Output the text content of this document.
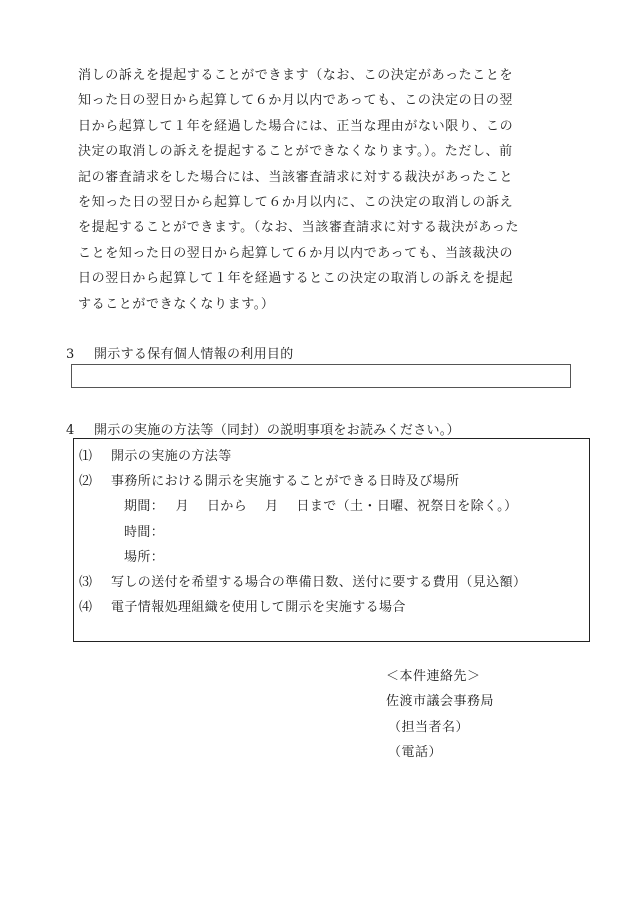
消しの訴えを提起することができます（なお、この決定があったことを
知った日の翌日から起算して６か月以内であっても、この決定の日の翌
日から起算して１年を経過した場合には、正当な理由がない限り、この
決定の取消しの訴えを提起することができなくなります。）。ただし、前
記の審査請求をした場合には、当該審査請求に対する裁決があったこと
を知った日の翌日から起算して６か月以内に、この決定の取消しの訴え
を提起することができます。（なお、当該審査請求に対する裁決があった
ことを知った日の翌日から起算して６か月以内であっても、当該裁決の
日の翌日から起算して１年を経過するとこの決定の取消しの訴えを提起
することができなくなります。）
3 開示する保有個人情報の利用目的
4 開示の実施の方法等（同封）の説明事項をお読みください。）
⑴ 開示の実施の方法等
⑵ 事務所における開示を実施することができる日時及び場所
期間：　 月　 日から　 月　 日まで（土・日曜、祝祭日を除く。）
時間：
場所：
⑶ 写しの送付を希望する場合の準備日数、送付に要する費用（見込額）
⑷ 電子情報処理組織を使用して開示を実施する場合
＜本件連絡先＞
佐渡市議会事務局
（担当者名）
（電話）
